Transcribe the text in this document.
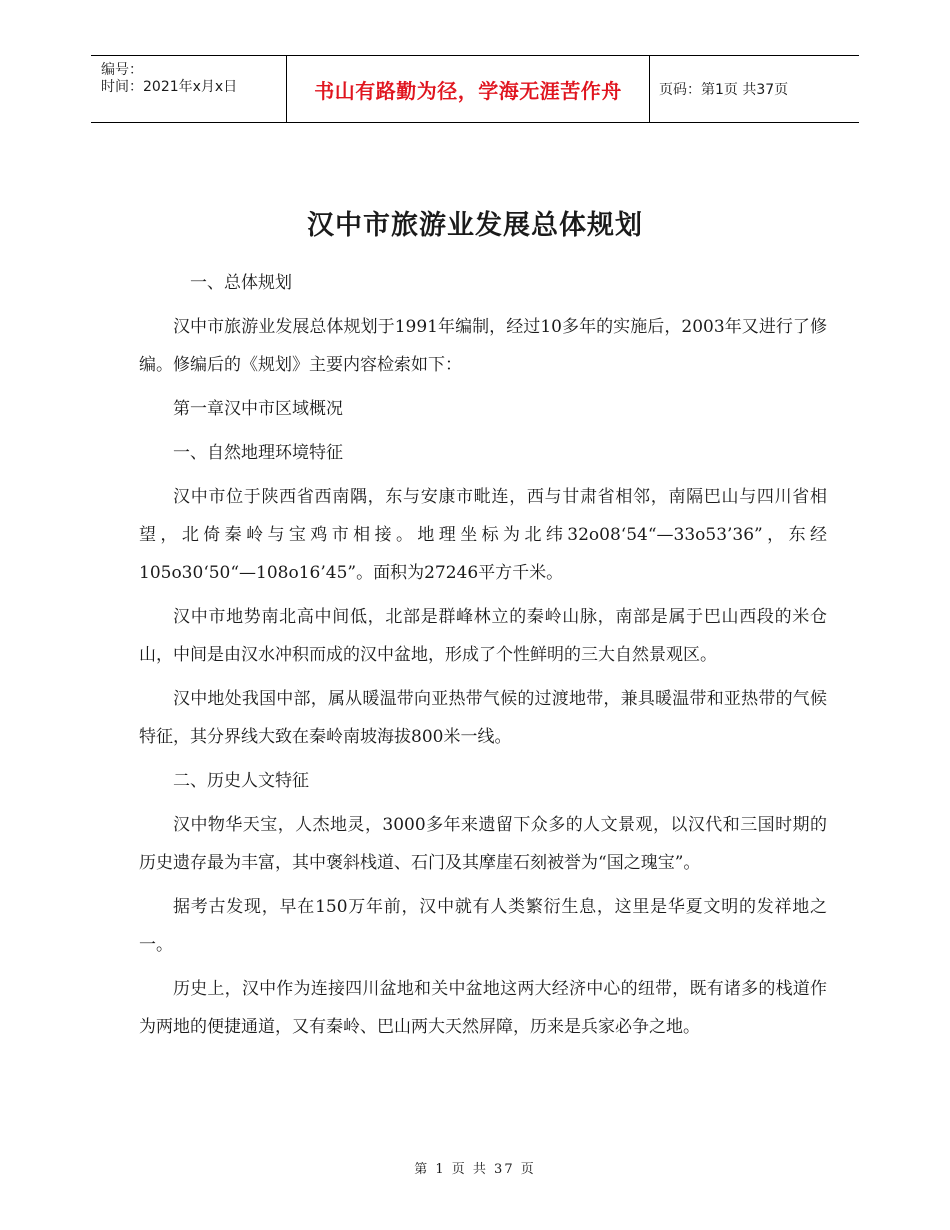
编号：
时间：2021年x月x日	书山有路勤为径，学海无涯苦作舟	页码：第1页 共37页
汉中市旅游业发展总体规划

一、总体规划

汉中市旅游业发展总体规划于1991年编制，经过10多年的实施后，2003年又进行了修编。修编后的《规划》主要内容检索如下：

第一章汉中市区域概况

一、自然地理环境特征

汉中市位于陕西省西南隅，东与安康市毗连，西与甘肃省相邻，南隔巴山与四川省相望，北倚秦岭与宝鸡市相接。地理坐标为北纬32o08‘54“—33o53’36”，东经105o30‘50“—108o16’45”。面积为27246平方千米。

汉中市地势南北高中间低，北部是群峰林立的秦岭山脉，南部是属于巴山西段的米仓山，中间是由汉水冲积而成的汉中盆地，形成了个性鲜明的三大自然景观区。

汉中地处我国中部，属从暖温带向亚热带气候的过渡地带，兼具暖温带和亚热带的气候特征，其分界线大致在秦岭南坡海拔800米一线。

二、历史人文特征

汉中物华天宝，人杰地灵，3000多年来遗留下众多的人文景观，以汉代和三国时期的历史遗存最为丰富，其中褒斜栈道、石门及其摩崖石刻被誉为“国之瑰宝”。

据考古发现，早在150万年前，汉中就有人类繁衍生息，这里是华夏文明的发祥地之一。

历史上，汉中作为连接四川盆地和关中盆地这两大经济中心的纽带，既有诸多的栈道作为两地的便捷通道，又有秦岭、巴山两大天然屏障，历来是兵家必争之地。

第 1 页 共 37 页
